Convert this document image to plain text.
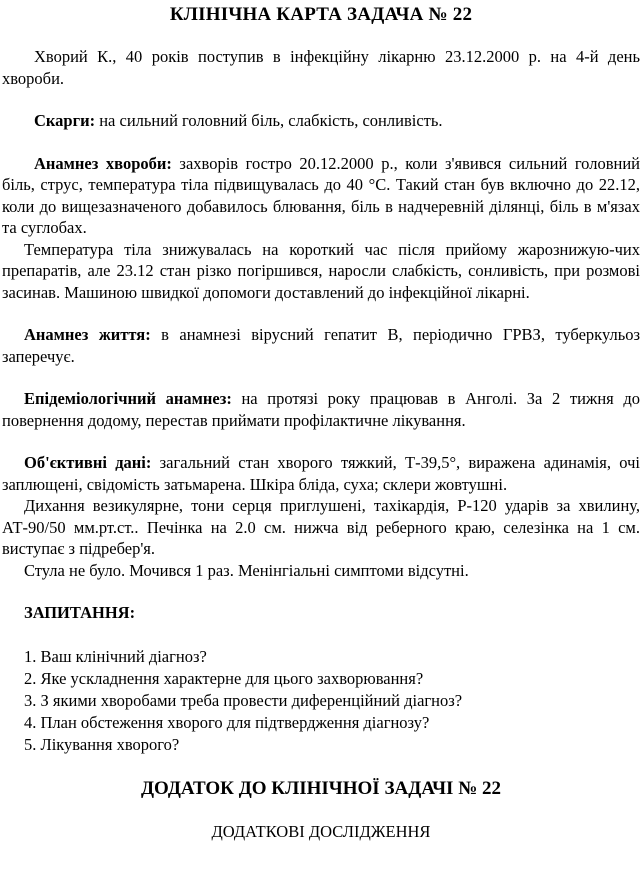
КЛІНІЧНА КАРТА ЗАДАЧА № 22

Хворий К., 40 років поступив в інфекційну лікарню 23.12.2000 р. на 4-й день хвороби.

Скарги: на сильний головний біль, слабкість, сонливість.

Анамнез хвороби: захворів гостро 20.12.2000 р., коли з'явився сильний головний біль, струс, температура тіла підвищувалась до 40 °С. Такий стан був включно до 22.12, коли до вищезазначеного добавилось блювання, біль в надчеревній ділянці, біль в м'язах та суглобах.

Температура тіла знижувалась на короткий час після прийому жарознижую-чих препаратів, але 23.12 стан різко погіршився, наросли слабкість, сонливість, при розмові засинав. Машиною швидкої допомоги доставлений до інфекційної лікарні.

Анамнез життя: в анамнезі вірусний гепатит В, періодично ГРВЗ, туберкульоз заперечує.

Епідеміологічний анамнез: на протязі року працював в Анголі. За 2 тижня до повернення додому, перестав приймати профілактичне лікування.

Об'єктивні дані: загальний стан хворого тяжкий, Т-39,5°, виражена адинамія, очі заплющені, свідомість затьмарена. Шкіра бліда, суха; склери жовтушні.

Дихання везикулярне, тони серця приглушені, тахікардія, Р-120 ударів за хвилину, АТ-90/50 мм.рт.ст.. Печінка на 2.0 см. нижча від реберного краю, селезінка на 1 см. виступає з підребер'я.

Стула не було. Мочився 1 раз. Менінгіальні симптоми відсутні.

ЗАПИТАННЯ:
1. Ваш клінічний діагноз?
2. Яке ускладнення характерне для цього захворювання?
3. З якими хворобами треба провести диференційний діагноз?
4. План обстеження хворого для підтвердження діагнозу?
5. Лікування хворого?
ДОДАТОК ДО КЛІНІЧНОЇ ЗАДАЧІ № 22
ДОДАТКОВІ ДОСЛІДЖЕННЯ
